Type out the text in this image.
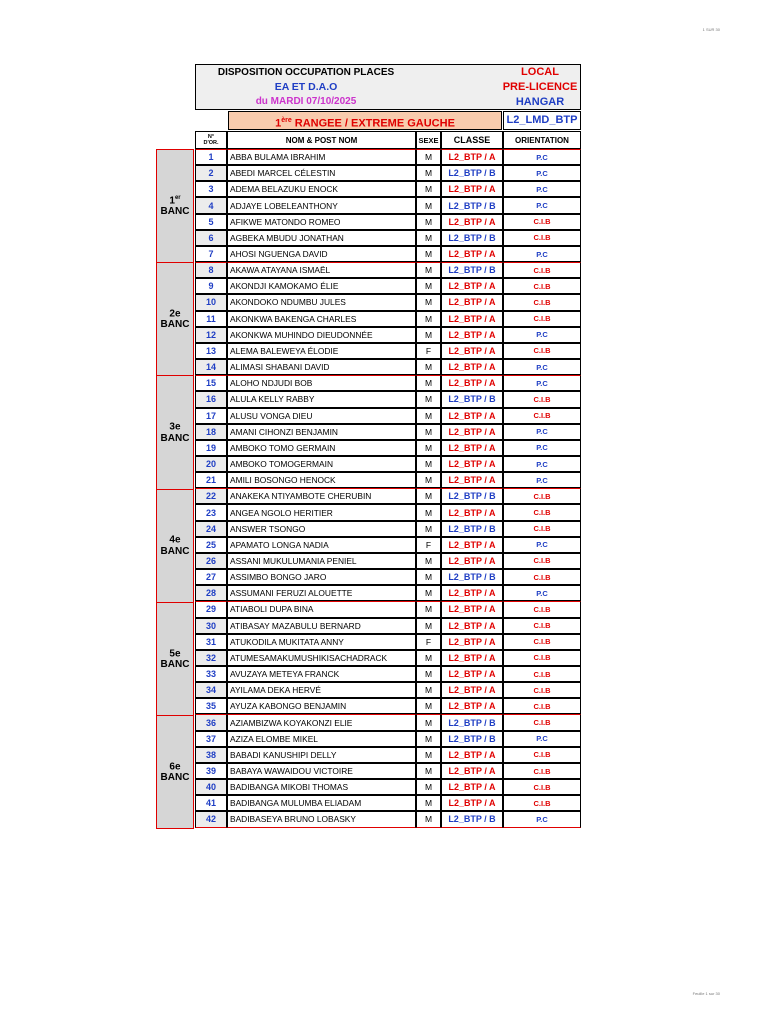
1 SUR 30
DISPOSITION OCCUPATION PLACES
EA ET D.A.O
du MARDI 07/10/2025
LOCAL
PRE-LICENCE
HANGAR
1ère RANGEE / EXTREME GAUCHE	L2_LMD_BTP
N°
D'OR.	NOM & POST NOM	SEXE	CLASSE	ORIENTATION
1er
BANC
2e
BANC
3e
BANC
4e
BANC
5e
BANC
6e
BANC
1	ABBA BULAMA IBRAHIM	M	L2_BTP / A	P.C
2	ABEDI MARCEL CÉLESTIN	M	L2_BTP / B	P.C
3	ADEMA BELAZUKU ENOCK	M	L2_BTP / A	P.C
4	ADJAYE LOBELEANTHONY	M	L2_BTP / B	P.C
5	AFIKWE MATONDO ROMEO	M	L2_BTP / A	C.I.B
6	AGBEKA MBUDU JONATHAN	M	L2_BTP / B	C.I.B
7	AHOSI NGUENGA DAVID	M	L2_BTP / A	P.C
8	AKAWA ATAYANA ISMAËL	M	L2_BTP / B	C.I.B
9	AKONDJI KAMOKAMO ÉLIE	M	L2_BTP / A	C.I.B
10	AKONDOKO NDUMBU JULES	M	L2_BTP / A	C.I.B
11	AKONKWA BAKENGA CHARLES	M	L2_BTP / A	C.I.B
12	AKONKWA MUHINDO DIEUDONNÉE	M	L2_BTP / A	P.C
13	ALEMA BALEWEYA ÉLODIE	F	L2_BTP / A	C.I.B
14	ALIMASI SHABANI DAVID	M	L2_BTP / A	P.C
15	ALOHO NDJUDI BOB	M	L2_BTP / A	P.C
16	ALULA KELLY RABBY	M	L2_BTP / B	C.I.B
17	ALUSU VONGA DIEU	M	L2_BTP / A	C.I.B
18	AMANI CIHONZI BENJAMIN	M	L2_BTP / A	P.C
19	AMBOKO TOMO GERMAIN	M	L2_BTP / A	P.C
20	AMBOKO TOMOGERMAIN	M	L2_BTP / A	P.C
21	AMILI BOSONGO HENOCK	M	L2_BTP / A	P.C
22	ANAKEKA NTIYAMBOTE CHERUBIN	M	L2_BTP / B	C.I.B
23	ANGEA NGOLO HERITIER	M	L2_BTP / A	C.I.B
24	ANSWER TSONGO	M	L2_BTP / B	C.I.B
25	APAMATO LONGA NADIA	F	L2_BTP / A	P.C
26	ASSANI MUKULUMANIA PENIEL	M	L2_BTP / A	C.I.B
27	ASSIMBO BONGO JARO	M	L2_BTP / B	C.I.B
28	ASSUMANI FERUZI ALOUETTE	M	L2_BTP / A	P.C
29	ATIABOLI DUPA BINA	M	L2_BTP / A	C.I.B
30	ATIBASAY MAZABULU BERNARD	M	L2_BTP / A	C.I.B
31	ATUKODILA MUKITATA ANNY	F	L2_BTP / A	C.I.B
32	ATUMESAMAKUMUSHIKISACHADRACK	M	L2_BTP / A	C.I.B
33	AVUZAYA METEYA FRANCK	M	L2_BTP / A	C.I.B
34	AYILAMA DEKA HERVÉ	M	L2_BTP / A	C.I.B
35	AYUZA KABONGO BENJAMIN	M	L2_BTP / A	C.I.B
36	AZIAMBIZWA KOYAKONZI ELIE	M	L2_BTP / B	C.I.B
37	AZIZA ELOMBE MIKEL	M	L2_BTP / B	P.C
38	BABADI KANUSHIPI DELLY	M	L2_BTP / A	C.I.B
39	BABAYA WAWAIDOU VICTOIRE	M	L2_BTP / A	C.I.B
40	BADIBANGA MIKOBI THOMAS	M	L2_BTP / A	C.I.B
41	BADIBANGA MULUMBA ELIADAM	M	L2_BTP / A	C.I.B
42	BADIBASEYA BRUNO LOBASKY	M	L2_BTP / B	P.C
Feuille 1 sur 30
